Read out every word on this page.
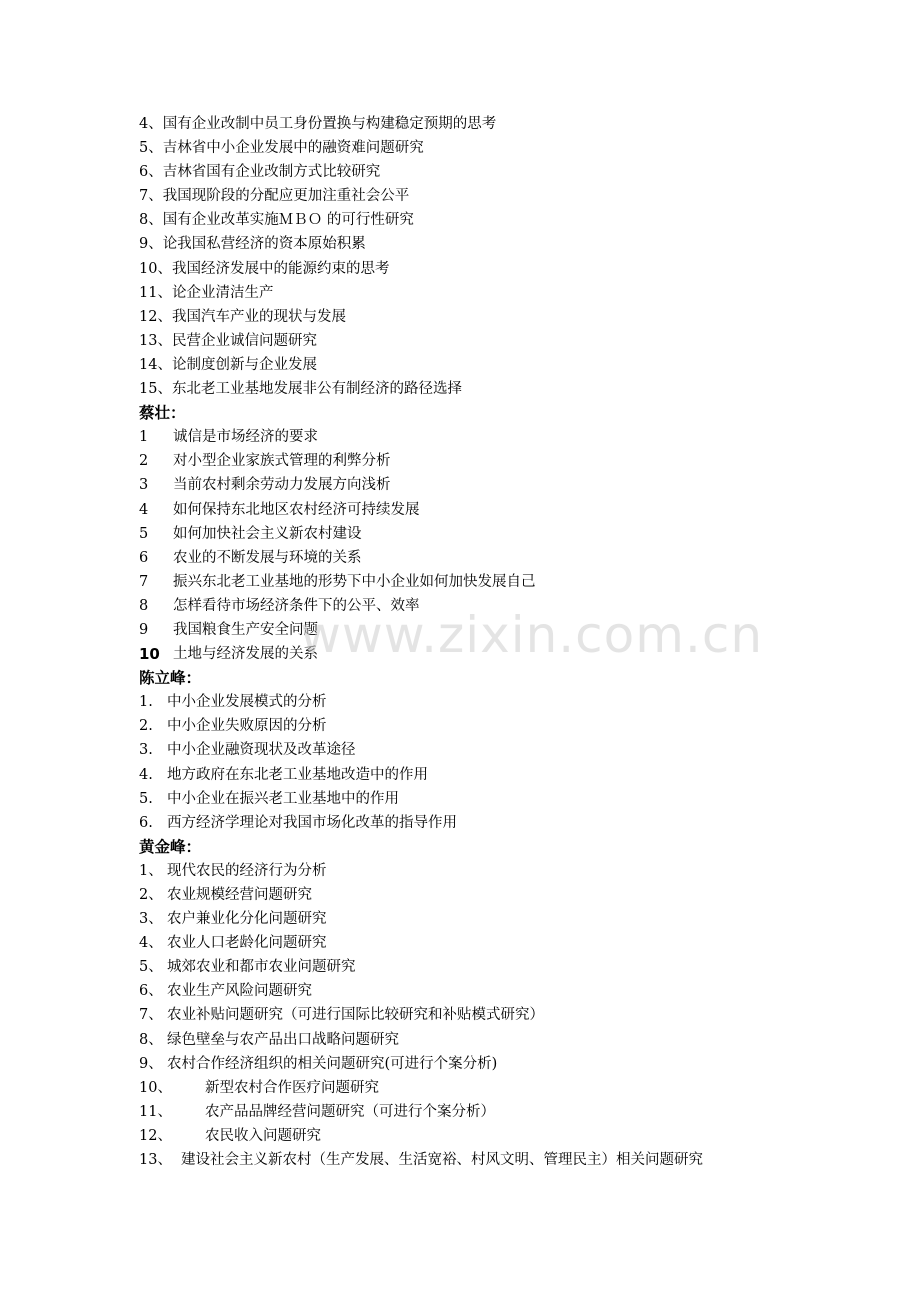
4、 国有企业改制中员工身份置换与构建稳定预期的思考
5、 吉林省中小企业发展中的融资难问题研究
6、 吉林省国有企业改制方式比较研究
7、 我国现阶段的分配应更加注重社会公平
8、 国有企业改革实施ＭＢＯ 的可行性研究
9、 论我国私营经济的资本原始积累
10、 我国经济发展中的能源约束的思考
11、 论企业清洁生产
12、 我国汽车产业的现状与发展
13、 民营企业诚信问题研究
14、 论制度创新与企业发展
15、 东北老工业基地发展非公有制经济的路径选择
蔡壮：
1	诚信是市场经济的要求
2	对小型企业家族式管理的利弊分析
3	当前农村剩余劳动力发展方向浅析
4	如何保持东北地区农村经济可持续发展
5	如何加快社会主义新农村建设
6	农业的不断发展与环境的关系
7	振兴东北老工业基地的形势下中小企业如何加快发展自己
8	怎样看待市场经济条件下的公平、效率
9	我国粮食生产安全问题
10 土地与经济发展的关系
陈立峰：
1. 中小企业发展模式的分析
2. 中小企业失败原因的分析
3. 中小企业融资现状及改革途径
4. 地方政府在东北老工业基地改造中的作用
5. 中小企业在振兴老工业基地中的作用
6. 西方经济学理论对我国市场化改革的指导作用
黄金峰：
1、 现代农民的经济行为分析
2、 农业规模经营问题研究
3、 农户兼业化分化问题研究
4、 农业人口老龄化问题研究
5、 城郊农业和都市农业问题研究
6、 农业生产风险问题研究
7、 农业补贴问题研究（可进行国际比较研究和补贴模式研究）
8、 绿色壁垒与农产品出口战略问题研究
9、 农村合作经济组织的相关问题研究(可进行个案分析)
10、	新型农村合作医疗问题研究
11、	农产品品牌经营问题研究（可进行个案分析）
12、	农民收入问题研究
13、 建设社会主义新农村（生产发展、生活宽裕、村风文明、管理民主）相关问题研究
www.zixin.com.cn
